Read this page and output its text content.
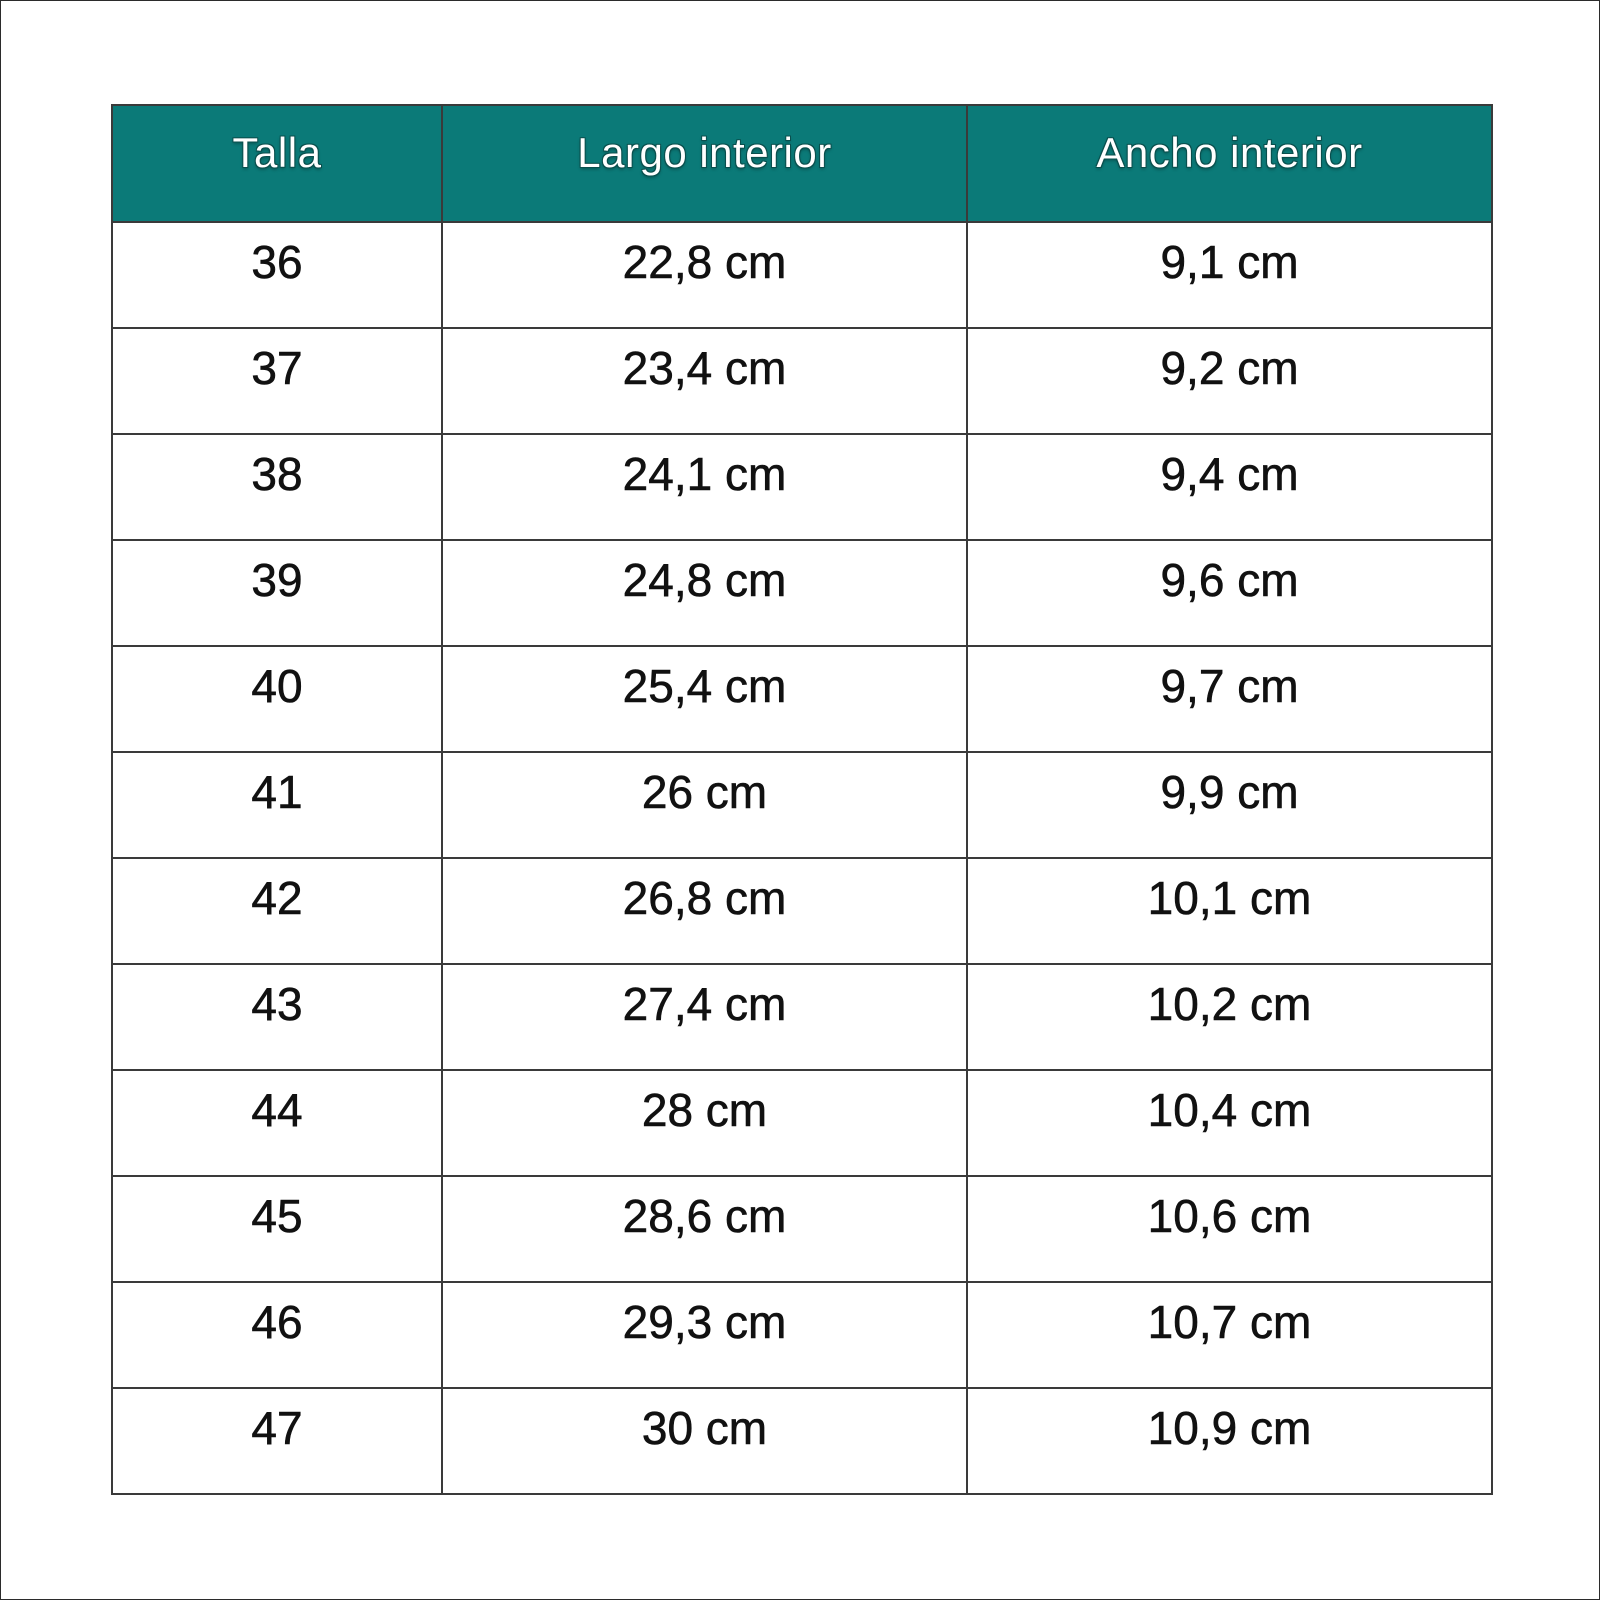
Talla	Largo interior	Ancho interior
36	22,8 cm	9,1 cm
37	23,4 cm	9,2 cm
38	24,1 cm	9,4 cm
39	24,8 cm	9,6 cm
40	25,4 cm	9,7 cm
41	26 cm	9,9 cm
42	26,8 cm	10,1 cm
43	27,4 cm	10,2 cm
44	28 cm	10,4 cm
45	28,6 cm	10,6 cm
46	29,3 cm	10,7 cm
47	30 cm	10,9 cm
